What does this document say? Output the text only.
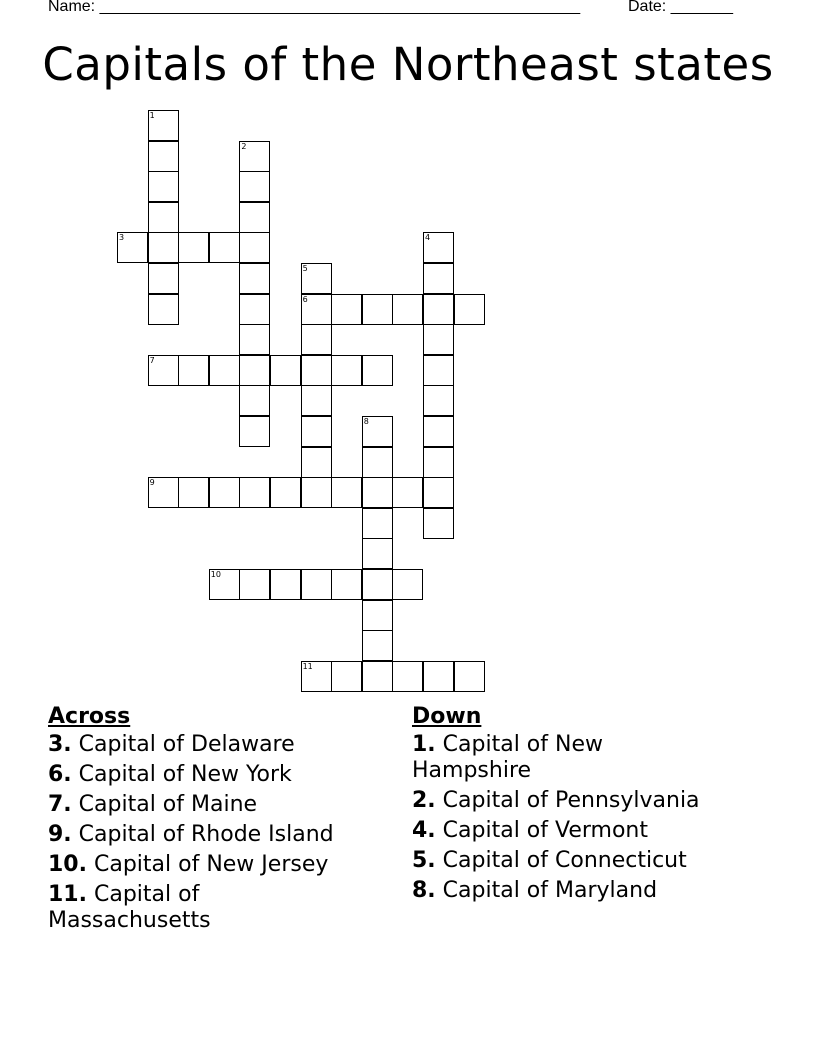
Name: ______________________________________________________	Date: _______
Capitals of the Northeast states
1
2
3	4
5
6
7
8
9
10
11
Across
3. Capital of Delaware
6. Capital of New York
7. Capital of Maine
9. Capital of Rhode Island
10. Capital of New Jersey
11. Capital of Massachusetts
Down
1. Capital of New Hampshire
2. Capital of Pennsylvania
4. Capital of Vermont
5. Capital of Connecticut
8. Capital of Maryland
